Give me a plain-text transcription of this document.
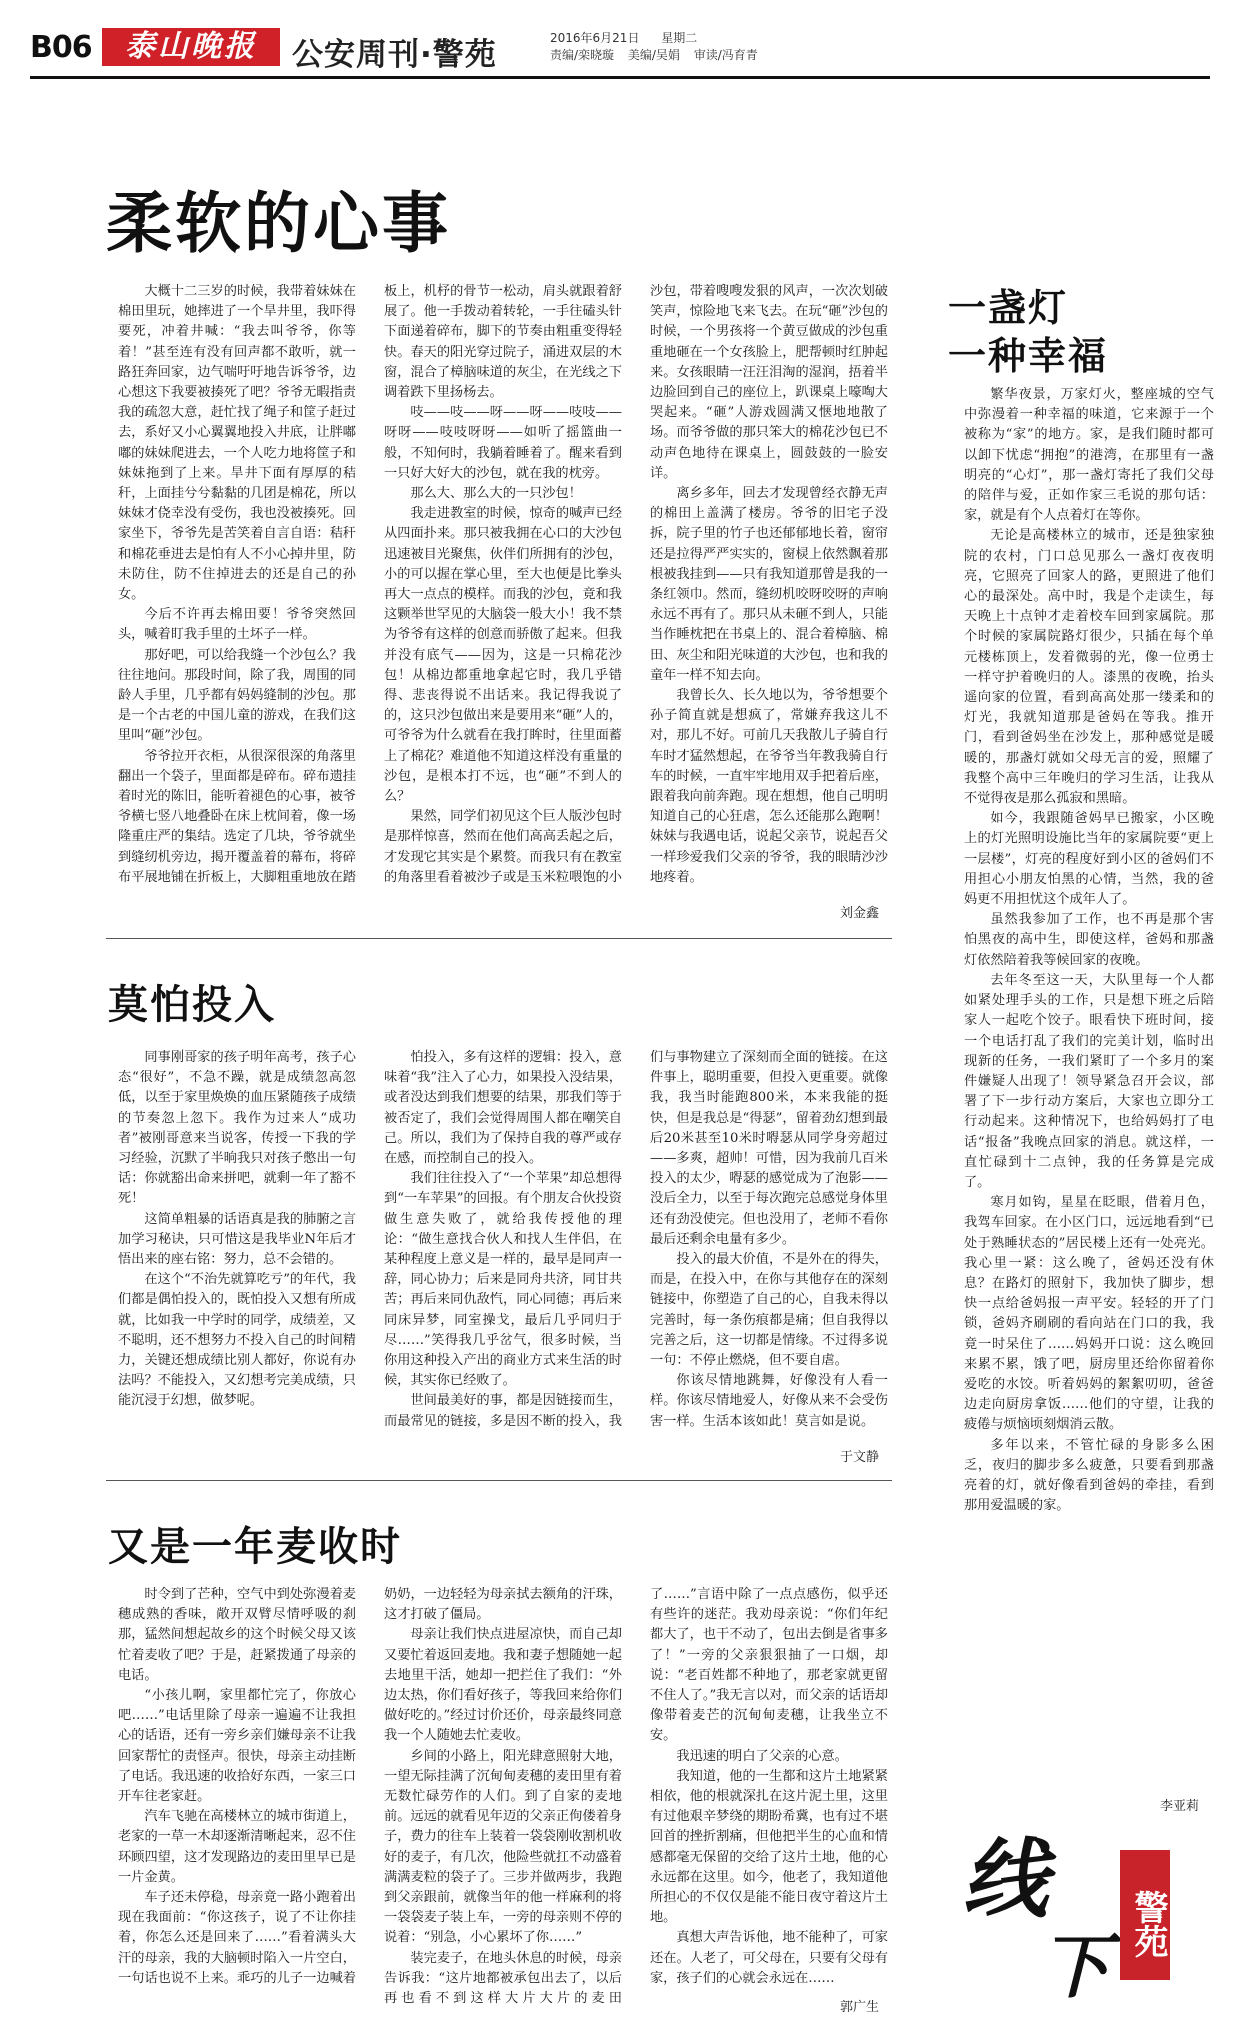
B06	泰山晚报	公安周刊·警苑	2016年6月21日 星期二
责编/栾晓璇 美编/吴娟 审读/冯育青
柔软的心事

大概十二三岁的时候，我带着妹妹在棉田里玩，她摔进了一个旱井里，我吓得要死，冲着井喊：“我去叫爷爷，你等着！”甚至连有没有回声都不敢听，就一路狂奔回家，边气喘吁吁地告诉爷爷，边心想这下我要被揍死了吧？爷爷无暇指责我的疏忽大意，赶忙找了绳子和筐子赶过去，系好又小心翼翼地投入井底，让胖嘟嘟的妹妹爬进去，一个人吃力地将筐子和妹妹拖到了上来。旱井下面有厚厚的秸秆，上面挂兮兮黏黏的几团是棉花，所以妹妹才侥幸没有受伤，我也没被揍死。回家坐下，爷爷先是苦笑着自言自语：秸秆和棉花垂进去是怕有人不小心掉井里，防未防住，防不住掉进去的还是自己的孙女。

今后不许再去棉田要！爷爷突然回头，喊着盯我手里的土坏子一样。

那好吧，可以给我缝一个沙包么？我往往地问。那段时间，除了我，周围的同龄人手里，几乎都有妈妈缝制的沙包。那是一个古老的中国儿童的游戏，在我们这里叫“砸”沙包。

爷爷拉开衣柜，从很深很深的角落里翻出一个袋子，里面都是碎布。碎布遗挂着时光的陈旧，能听着褪色的心事，被爷爷横七竖八地叠卧在床上枕间着，像一场隆重庄严的集结。选定了几块，爷爷就坐到缝纫机旁边，揭开覆盖着的幕布，将碎布平展地铺在折板上，大脚粗重地放在踏板上，机杼的骨节一松动，肩头就跟着舒展了。他一手拨动着转轮，一手往磕头针下面递着碎布，脚下的节奏由粗重变得轻快。春天的阳光穿过院子，涌进双层的木窗，混合了樟脑味道的灰尘，在光线之下调着跌下里扬杨去。

吱——吱——呀——呀——吱吱——呀呀——吱吱呀呀——如听了摇篮曲一般，不知何时，我躺着睡着了。醒来看到一只好大好大的沙包，就在我的枕旁。

那么大、那么大的一只沙包！

我走进教室的时候，惊奇的喊声已经从四面扑来。那只被我拥在心口的大沙包迅速被目光聚焦，伙伴们所拥有的沙包，小的可以握在掌心里，至大也便是比拳头再大一点点的模样。而我的沙包，竟和我这颗举世罕见的大脑袋一般大小！我不禁为爷爷有这样的创意而骄傲了起来。但我并没有底气——因为，这是一只棉花沙包！从棉边都重地拿起它时，我几乎错得、悲丧得说不出话来。我记得我说了的，这只沙包做出来是要用来“砸”人的，可爷爷为什么就看在我打眸时，往里面蓄上了棉花？难道他不知道这样没有重量的沙包，是根本打不远，也“砸”不到人的么？

果然，同学们初见这个巨人版沙包时是那样惊喜，然而在他们高高丢起之后，才发现它其实是个累赘。而我只有在教室的角落里看着被沙子或是玉米粒喂饱的小沙包，带着嗖嗖发狠的风声，一次次划破笑声，惊险地飞来飞去。在玩“砸”沙包的时候，一个男孩将一个黄豆做成的沙包重重地砸在一个女孩脸上，肥帮顿时红肿起来。女孩眼睛一汪汪泪淘的湿润，捂着半边脸回到自己的座位上，趴课桌上嚎啕大哭起来。“砸”人游戏圆满又惬地地散了场。而爷爷做的那只笨大的棉花沙包已不动声色地待在课桌上，圆鼓鼓的一脸安详。

离乡多年，回去才发现曾经衣静无声的棉田上盖满了楼房。爷爷的旧宅子没拆，院子里的竹子也还郁郁地长着，窗帘还是拉得严严实实的，窗棂上依然飘着那根被我挂到——只有我知道那曾是我的一条红领巾。然而，缝纫机咬呀咬呀的声响永远不再有了。那只从未砸不到人，只能当作睡枕把在书桌上的、混合着樟脑、棉田、灰尘和阳光味道的大沙包，也和我的童年一样不知去向。

我曾长久、长久地以为，爷爷想要个孙子简直就是想疯了，常嫌弃我这儿不对，那儿不好。可前几天我散儿子骑自行车时才猛然想起，在爷爷当年教我骑自行车的时候，一直牢牢地用双手把着后座，跟着我向前奔跑。现在想想，他自己明明知道自己的心狂虐，怎么还能那么跑啊！妹妹与我遇电话，说起父亲节，说起吾父一样珍爱我们父亲的爷爷，我的眼睛沙沙地疼着。

刘金鑫
莫怕投入

同事刚哥家的孩子明年高考，孩子心态“很好”，不急不躁，就是成绩忽高忽低，以至于家里焕焕的血压紧随孩子成绩的节奏忽上忽下。我作为过来人“成功者”被刚哥意来当说客，传授一下我的学习经验，沉默了半晌我只对孩子憋出一句话：你就豁出命来拼吧，就剩一年了豁不死！

这简单粗暴的话语真是我的肺腑之言加学习秘诀，只可惜这是我毕业N年后才悟出来的座右铭：努力，总不会错的。

在这个“不治先就算吃亏”的年代，我们都是偶怕投入的，既怕投入又想有所成就，比如我一中学时的同学，成绩差，又不聪明，还不想努力不投入自己的时间精力，关键还想成绩比别人都好，你说有办法吗？不能投入，又幻想考完美成绩，只能沉浸于幻想，做梦呢。

怕投入，多有这样的逻辑：投入，意味着“我”注入了心力，如果投入没结果，或者没达到我们想要的结果，那我们等于被否定了，我们会觉得周围人都在嘲笑自己。所以，我们为了保持自我的尊严或存在感，而控制自己的投入。

我们往往投入了“一个苹果”却总想得到“一车苹果”的回报。有个朋友合伙投资做生意失败了，就给我传授他的理论：“做生意找合伙人和找人生伴侣，在某种程度上意义是一样的，最早是同声一辞，同心协力；后来是同舟共济，同甘共苦；再后来同仇敌忾，同心同德；再后来同床异梦，同室操戈，最后几乎同归于尽……”笑得我几乎岔气，很多时候，当你用这种投入产出的商业方式来生活的时候，其实你已经败了。

世间最美好的事，都是因链接而生，而最常见的链接，多是因不断的投入，我们与事物建立了深刻而全面的链接。在这件事上，聪明重要，但投入更重要。就像我，我当时能跑800米，本来我能的挺快，但是我总是“得瑟”，留着劲幻想到最后20米甚至10米时嘚瑟从同学身旁超过——多爽，超帅！可惜，因为我前几百米投入的太少，嘚瑟的感觉成为了泡影——没后全力，以至于每次跑完总感觉身体里还有劲没使完。但也没用了，老师不看你最后还剩余电量有多少。

投入的最大价值，不是外在的得失，而是，在投入中，在你与其他存在的深刻链接中，你塑造了自己的心，自我未得以完善时，每一条伤痕都是痛；但自我得以完善之后，这一切都是情缘。不过得多说一句：不停止燃烧，但不要自虐。

你该尽情地跳舞，好像没有人看一样。你该尽情地爱人，好像从来不会受伤害一样。生活本该如此！莫言如是说。

于文静
又是一年麦收时

时令到了芒种，空气中到处弥漫着麦穗成熟的香味，敞开双臂尽情呼吸的刹那，猛然间想起故乡的这个时候父母又该忙着麦收了吧？于是，赶紧拨通了母亲的电话。

“小孩儿啊，家里都忙完了，你放心吧……”电话里除了母亲一遍遍不让我担心的话语，还有一旁乡亲们嫌母亲不让我回家帮忙的责怪声。很快，母亲主动挂断了电话。我迅速的收拾好东西，一家三口开车往老家赶。

汽车飞驰在高楼林立的城市街道上，老家的一草一木却逐渐清晰起来，忍不住环顾四望，这才发现路边的麦田里早已是一片金黄。

车子还未停稳，母亲竟一路小跑着出现在我面前：“你这孩子，说了不让你挂着，你怎么还是回来了……”看着满头大汗的母亲，我的大脑顿时陷入一片空白，一句话也说不上来。乖巧的儿子一边喊着奶奶，一边轻轻为母亲拭去额角的汗珠，这才打破了僵局。

母亲让我们快点进屋凉快，而自己却又要忙着返回麦地。我和妻子想随她一起去地里干活，她却一把拦住了我们：“外边太热，你们看好孩子，等我回来给你们做好吃的。”经过讨价还价，母亲最终同意我一个人随她去忙麦收。

乡间的小路上，阳光肆意照射大地，一望无际挂满了沉甸甸麦穗的麦田里有着无数忙碌劳作的人们。到了自家的麦地前。远远的就看见年迈的父亲正佝偻着身子，费力的往车上装着一袋袋刚收割机收好的麦子，有几次，他险些就扛不动盛着满满麦粒的袋子了。三步并做两步，我跑到父亲跟前，就像当年的他一样麻利的将一袋袋麦子装上车，一旁的母亲则不停的说着：“别急，小心累坏了你……”

装完麦子，在地头休息的时候，母亲告诉我：“这片地都被承包出去了，以后再也看不到这样大片大片的麦田了……”言语中除了一点点感伤，似乎还有些许的迷茫。我劝母亲说：“你们年纪都大了，也干不动了，包出去倒是省事多了！”一旁的父亲狠狠抽了一口烟，却说：“老百姓都不种地了，那老家就更留不住人了。”我无言以对，而父亲的话语却像带着麦芒的沉甸甸麦穗，让我坐立不安。

我迅速的明白了父亲的心意。

我知道，他的一生都和这片土地紧紧相依，他的根就深扎在这片泥土里，这里有过他艰辛梦绕的期盼希冀，也有过不堪回首的挫折割痛，但他把半生的心血和情感都毫无保留的交给了这片土地，他的心永远都在这里。如今，他老了，我知道他所担心的不仅仅是能不能日夜守着这片土地。

真想大声告诉他，地不能种了，可家还在。人老了，可父母在，只要有父母有家，孩子们的心就会永远在……

郭广生
一盏灯
一种幸福

繁华夜景，万家灯火，整座城的空气中弥漫着一种幸福的味道，它来源于一个被称为“家”的地方。家，是我们随时都可以卸下忧虑“拥抱”的港湾，在那里有一盏明亮的“心灯”，那一盏灯寄托了我们父母的陪伴与爱，正如作家三毛说的那句话：家，就是有个人点着灯在等你。

无论是高楼林立的城市，还是独家独院的农村，门口总见那么一盏灯夜夜明亮，它照亮了回家人的路，更照进了他们心的最深处。高中时，我是个走读生，每天晚上十点钟才走着校车回到家属院。那个时候的家属院路灯很少，只插在每个单元楼栋顶上，发着微弱的光，像一位勇士一样守护着晚归的人。漆黑的夜晚，抬头遥向家的位置，看到高高处那一缕柔和的灯光，我就知道那是爸妈在等我。推开门，看到爸妈坐在沙发上，那种感觉是暖暖的，那盏灯就如父母无言的爱，照耀了我整个高中三年晚归的学习生活，让我从不觉得夜是那么孤寂和黑暗。

如今，我跟随爸妈早已搬家，小区晚上的灯光照明设施比当年的家属院要“更上一层楼”，灯亮的程度好到小区的爸妈们不用担心小朋友怕黑的心情，当然，我的爸妈更不用担忧这个成年人了。

虽然我参加了工作，也不再是那个害怕黑夜的高中生，即使这样，爸妈和那盏灯依然陪着我等候回家的夜晚。

去年冬至这一天，大队里每一个人都如紧处理手头的工作，只是想下班之后陪家人一起吃个饺子。眼看快下班时间，接一个电话打乱了我们的完美计划，临时出现新的任务，一我们紧盯了一个多月的案件嫌疑人出现了！领导紧急召开会议，部署了下一步行动方案后，大家也立即分工行动起来。这种情况下，也给妈妈打了电话“报备”我晚点回家的消息。就这样，一直忙碌到十二点钟，我的任务算是完成了。

寒月如钩，星星在眨眼，借着月色，我驾车回家。在小区门口，远远地看到“已处于熟睡状态的”居民楼上还有一处亮光。我心里一紧：这么晚了，爸妈还没有休息？在路灯的照射下，我加快了脚步，想快一点给爸妈报一声平安。轻轻的开了门锁，爸妈齐刷刷的看向站在门口的我，我竟一时呆住了……妈妈开口说：这么晚回来累不累，饿了吧，厨房里还给你留着你爱吃的水饺。听着妈妈的絮絮叨叨，爸爸边走向厨房拿饭……他们的守望，让我的疲倦与烦恼顷刻烟消云散。

多年以来，不管忙碌的身影多么困乏，夜归的脚步多么疲惫，只要看到那盏亮着的灯，就好像看到爸妈的牵挂，看到那用爱温暖的家。

李亚莉
线
下
警苑
